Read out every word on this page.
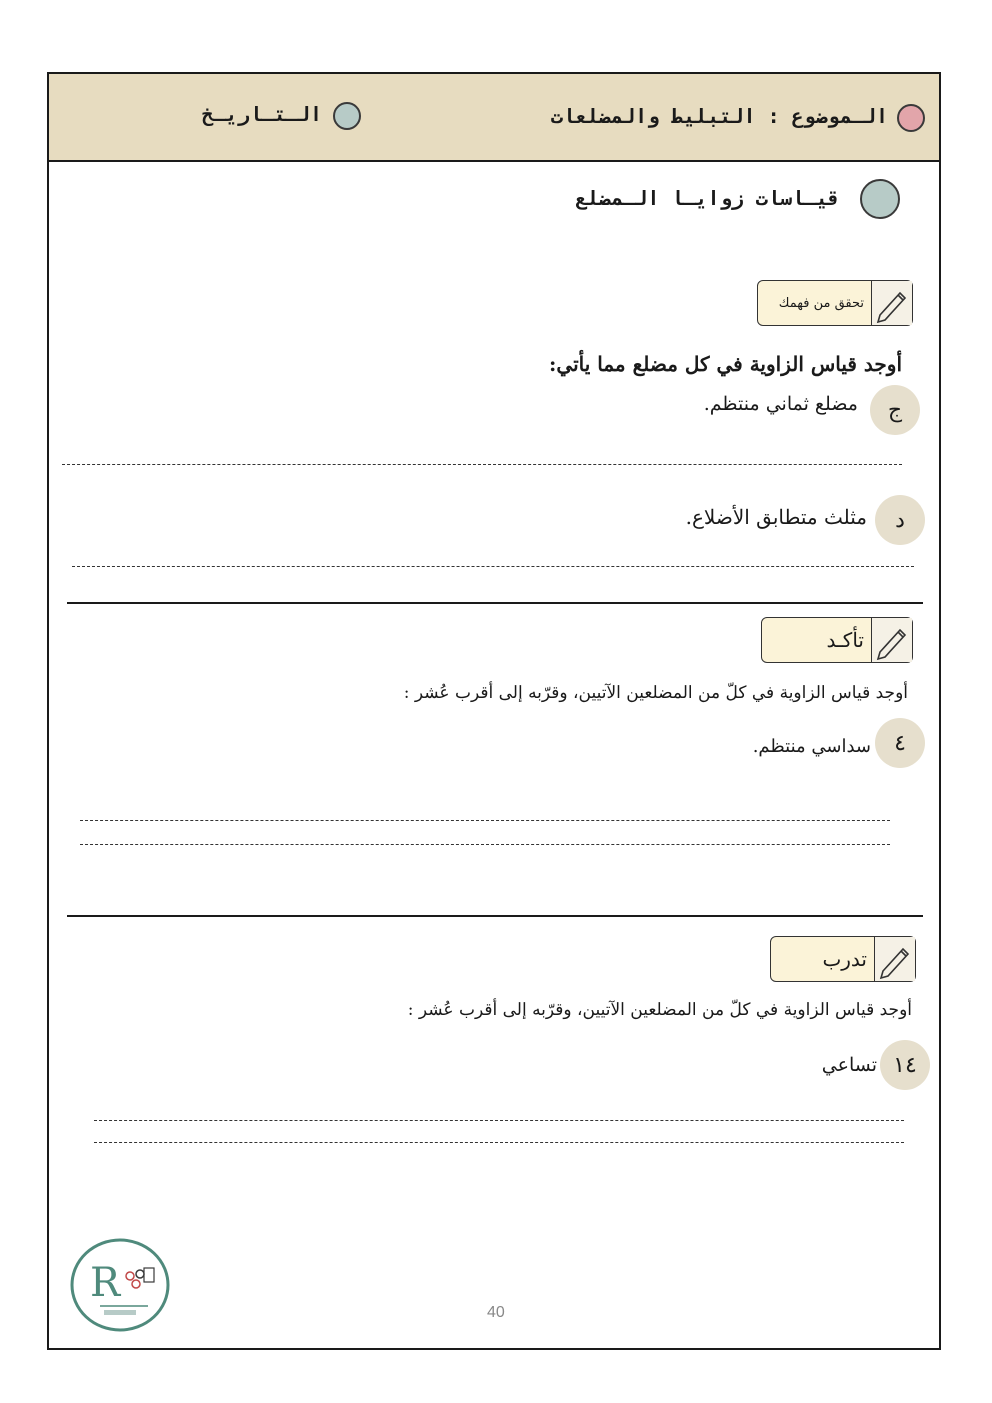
الـموضوع : التبليط والمضلعات
الـتـاريـخ
قيـاسات زوايـا الـمضلع
تحقق من فهمك
أوجد قياس الزاوية في كل مضلع مما يأتي:
ج
مضلع ثماني منتظم.
د
مثلث متطابق الأضلاع.
تأكـد
أوجد قياس الزاوية في كلّ من المضلعين الآتيين، وقرّبه إلى أقرب عُشر :
٤
سداسي منتظم.
تدرب
أوجد قياس الزاوية في كلّ من المضلعين الآتيين، وقرّبه إلى أقرب عُشر :
١٤
تساعي
R
40
